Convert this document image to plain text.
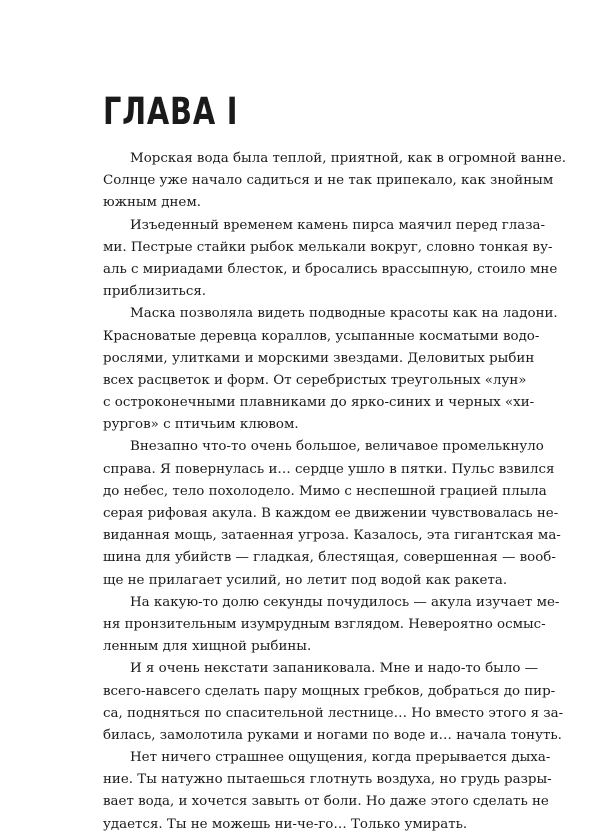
ГЛАВА I
Морская вода была теплой, приятной, как в огромной ванне.
Солнце уже начало садиться и не так припекало, как знойным
южным днем.
Изъеденный временем камень пирса маячил перед глаза-
ми. Пестрые стайки рыбок мелькали вокруг, словно тонкая ву-
аль с мириадами блесток, и бросались врассыпную, стоило мне
приблизиться.
Маска позволяла видеть подводные красоты как на ладони.
Красноватые деревца кораллов, усыпанные косматыми водо-
рослями, улитками и морскими звездами. Деловитых рыбин
всех расцветок и форм. От серебристых треугольных «лун»
с остроконечными плавниками до ярко-синих и черных «хи-
рургов» с птичьим клювом.
Внезапно что-то очень большое, величавое промелькнуло
справа. Я повернулась и… сердце ушло в пятки. Пульс взвился
до небес, тело похолодело. Мимо с неспешной грацией плыла
серая рифовая акула. В каждом ее движении чувствовалась не-
виданная мощь, затаенная угроза. Казалось, эта гигантская ма-
шина для убийств — гладкая, блестящая, совершенная — вооб-
ще не прилагает усилий, но летит под водой как ракета.
На какую-то долю секунды почудилось — акула изучает ме-
ня пронзительным изумрудным взглядом. Невероятно осмыс-
ленным для хищной рыбины.
И я очень некстати запаниковала. Мне и надо-то было —
всего-навсего сделать пару мощных гребков, добраться до пир-
са, подняться по спасительной лестнице… Но вместо этого я за-
билась, замолотила руками и ногами по воде и… начала тонуть.
Нет ничего страшнее ощущения, когда прерывается дыха-
ние. Ты натужно пытаешься глотнуть воздуха, но грудь разры-
вает вода, и хочется завыть от боли. Но даже этого сделать не
удается. Ты не можешь ни-че-го… Только умирать.
